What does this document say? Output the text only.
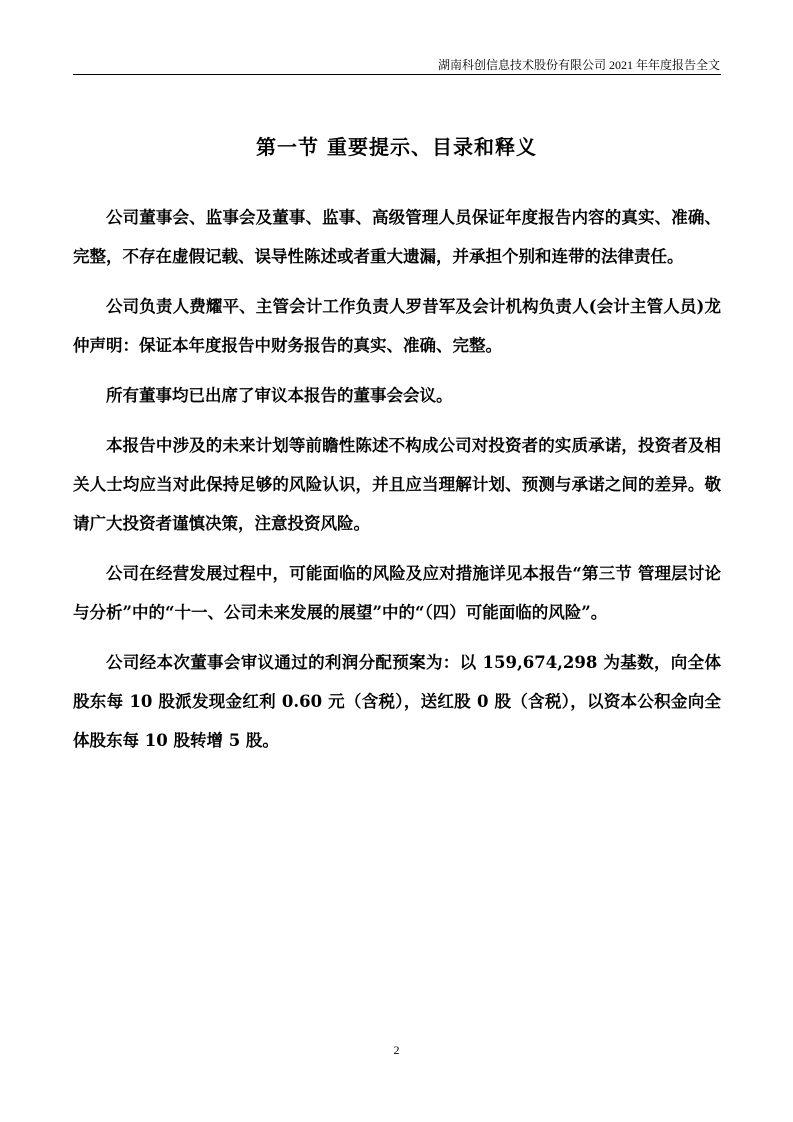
湖南科创信息技术股份有限公司 2021 年年度报告全文
第一节 重要提示、目录和释义

公司董事会、监事会及董事、监事、高级管理人员保证年度报告内容的真实、准确、完整，不存在虚假记载、误导性陈述或者重大遗漏，并承担个别和连带的法律责任。

公司负责人费耀平、主管会计工作负责人罗昔军及会计机构负责人(会计主管人员)龙仲声明：保证本年度报告中财务报告的真实、准确、完整。

所有董事均已出席了审议本报告的董事会会议。

本报告中涉及的未来计划等前瞻性陈述不构成公司对投资者的实质承诺，投资者及相关人士均应当对此保持足够的风险认识，并且应当理解计划、预测与承诺之间的差异。敬请广大投资者谨慎决策，注意投资风险。

公司在经营发展过程中，可能面临的风险及应对措施详见本报告“第三节 管理层讨论与分析”中的“十一、公司未来发展的展望”中的“（四）可能面临的风险”。

公司经本次董事会审议通过的利润分配预案为：以 159,674,298 为基数，向全体股东每 10 股派发现金红利 0.60 元（含税），送红股 0 股（含税），以资本公积金向全体股东每 10 股转增 5 股。

2
